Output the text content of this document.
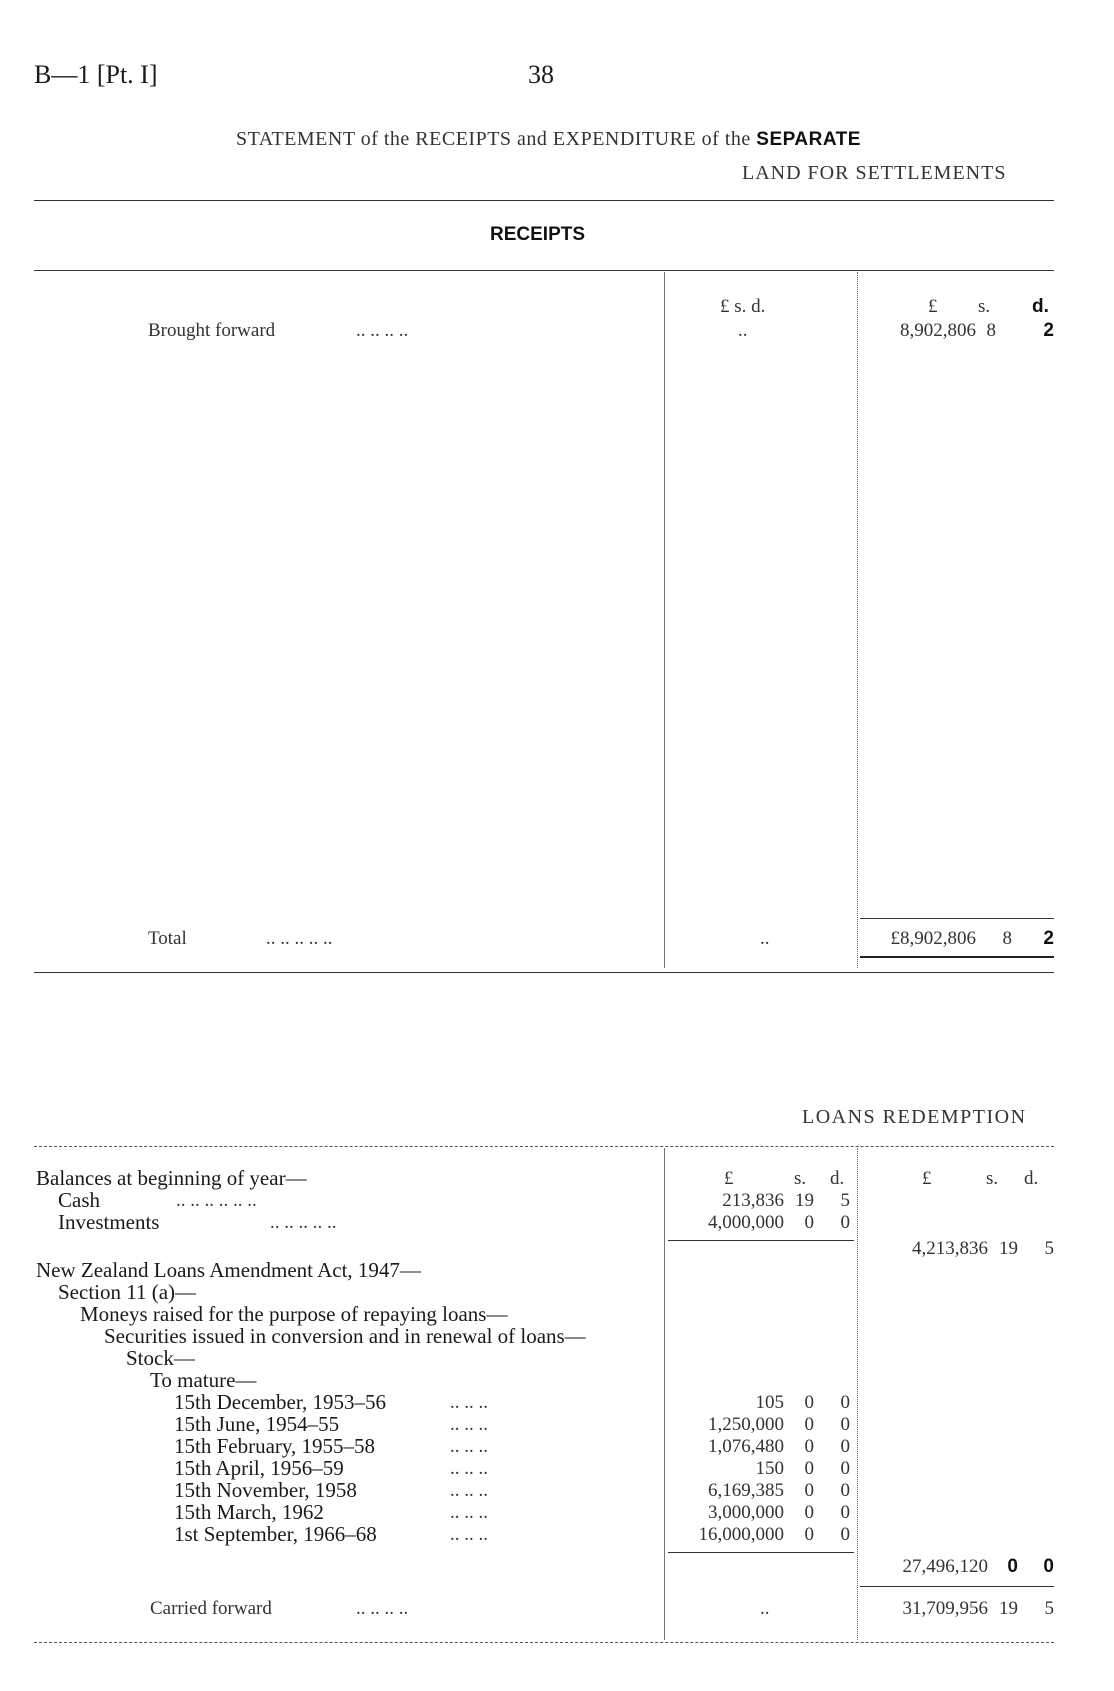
B—1 [Pt. I]	38
STATEMENT of the RECEIPTS and EXPENDITURE of the SEPARATE
LAND FOR SETTLEMENTS
RECEIPTS
£ s. d.	£ s. d.
Brought forward	.. .. .. ..	..	8,902,806 8	2
Total	.. .. .. .. ..	..	£8,902,806	8	2
LOANS REDEMPTION
£	s. d.	£	s. d.
Balances at beginning of year—
Cash	.. .. .. .. .. ..	213,836 19	5
Investments	.. .. .. .. ..	4,000,000	0	0
4,213,836 19	5
New Zealand Loans Amendment Act, 1947—
Section 11 (a)—
Moneys raised for the purpose of repaying loans—
Securities issued in conversion and in renewal of loans—
Stock—
To mature—
15th December, 1953–56	.. .. ..	105	0	0
15th June, 1954–55	.. .. ..	1,250,000	0	0
15th February, 1955–58	.. .. ..	1,076,480	0	0
15th April, 1956–59	.. .. ..	150	0	0
15th November, 1958	.. .. ..	6,169,385	0	0
15th March, 1962	.. .. ..	3,000,000	0	0
1st September, 1966–68	.. .. ..	16,000,000	0	0
27,496,120	0	0
Carried forward	.. .. .. ..	..	31,709,956 19	5
